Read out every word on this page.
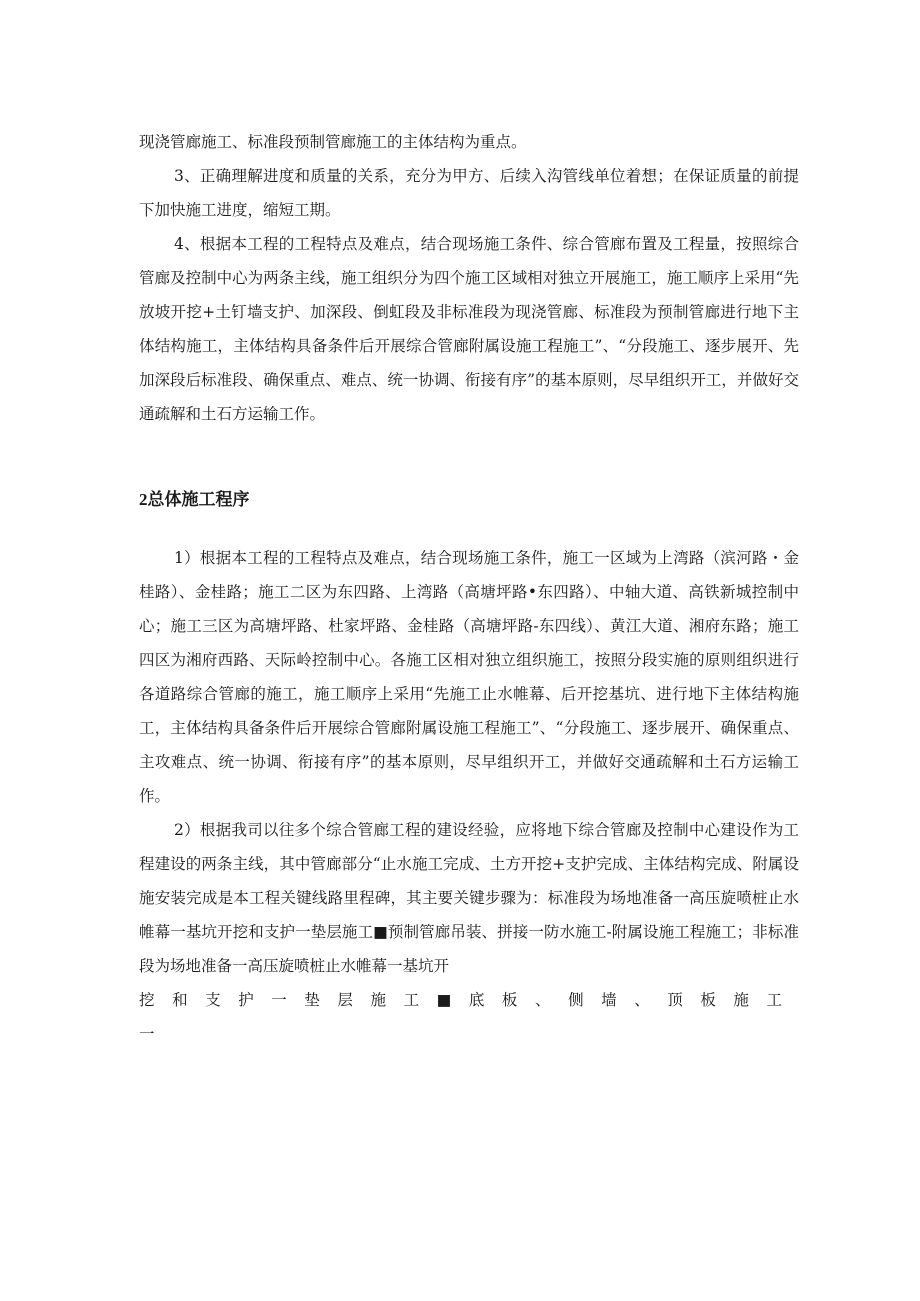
现浇管廊施工、标准段预制管廊施工的主体结构为重点。

3、正确理解进度和质量的关系，充分为甲方、后续入沟管线单位着想；在保证质量的前提下加快施工进度，缩短工期。

4、根据本工程的工程特点及难点，结合现场施工条件、综合管廊布置及工程量，按照综合管廊及控制中心为两条主线，施工组织分为四个施工区域相对独立开展施工，施工顺序上采用“先放坡开挖+土钉墙支护、加深段、倒虹段及非标准段为现浇管廊、标准段为预制管廊进行地下主体结构施工，主体结构具备条件后开展综合管廊附属设施工程施工”、“分段施工、逐步展开、先加深段后标准段、确保重点、难点、统一协调、衔接有序”的基本原则，尽早组织开工，并做好交通疏解和土石方运输工作。

2总体施工程序

1）根据本工程的工程特点及难点，结合现场施工条件，施工一区域为上湾路（滨河路・金桂路）、金桂路；施工二区为东四路、上湾路（高塘坪路•东四路）、中轴大道、高铁新城控制中心；施工三区为高塘坪路、杜家坪路、金桂路（高塘坪路-东四线）、黄江大道、湘府东路；施工四区为湘府西路、天际岭控制中心。各施工区相对独立组织施工，按照分段实施的原则组织进行各道路综合管廊的施工，施工顺序上采用“先施工止水帷幕、后开挖基坑、进行地下主体结构施工，主体结构具备条件后开展综合管廊附属设施工程施工”、“分段施工、逐步展开、确保重点、主攻难点、统一协调、衔接有序”的基本原则，尽早组织开工，并做好交通疏解和土石方运输工作。

2）根据我司以往多个综合管廊工程的建设经验，应将地下综合管廊及控制中心建设作为工程建设的两条主线，其中管廊部分“止水施工完成、土方开挖+支护完成、主体结构完成、附属设施安装完成是本工程关键线路里程碑，其主要关键步骤为：标准段为场地准备一高压旋喷桩止水帷幕一基坑开挖和支护一垫层施工■预制管廊吊装、拼接一防水施工-附属设施工程施工；非标准段为场地准备一高压旋喷桩止水帷幕一基坑开

挖和支护一垫层施工■底板、侧墙、顶板施工一
